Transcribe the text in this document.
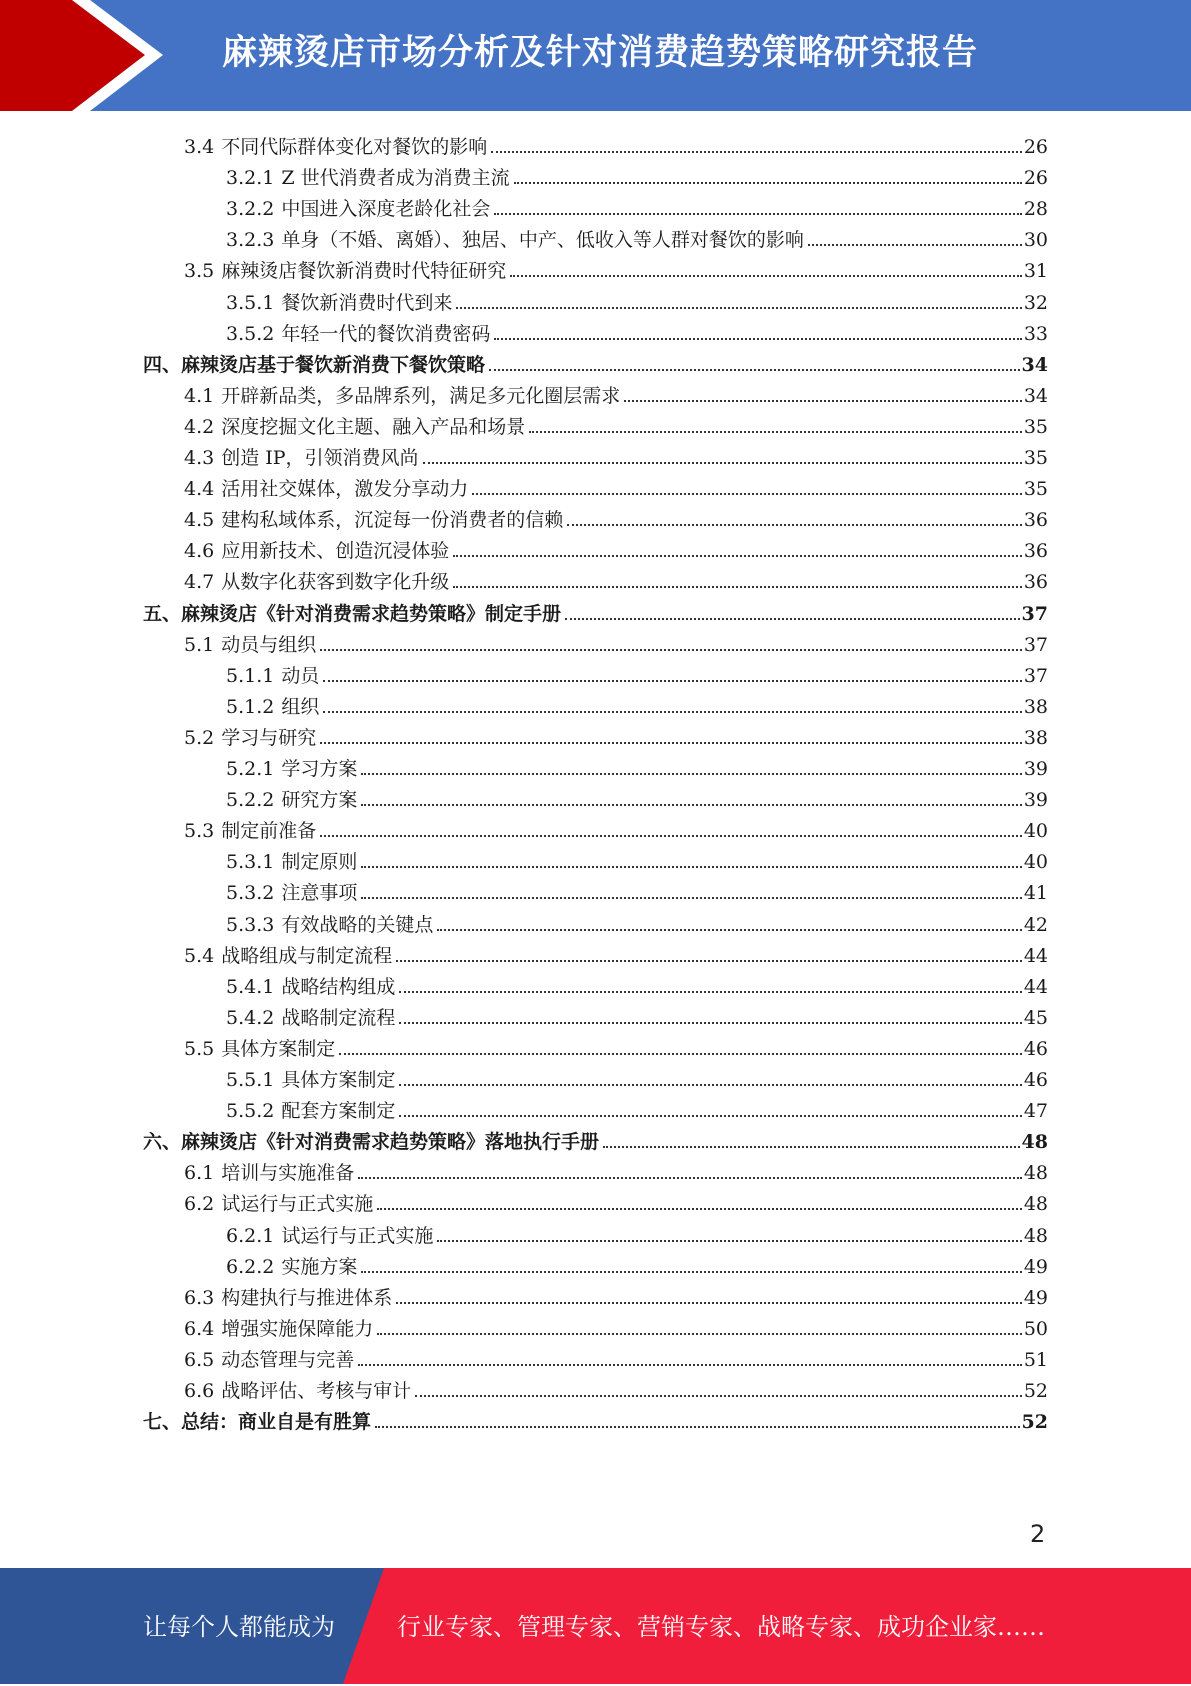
麻辣烫店市场分析及针对消费趋势策略研究报告
3.4 不同代际群体变化对餐饮的影响	26
3.2.1 Z 世代消费者成为消费主流	26
3.2.2 中国进入深度老龄化社会	28
3.2.3 单身（不婚、离婚）、独居、中产、低收入等人群对餐饮的影响	30
3.5 麻辣烫店餐饮新消费时代特征研究	31
3.5.1 餐饮新消费时代到来	32
3.5.2 年轻一代的餐饮消费密码	33
四、麻辣烫店基于餐饮新消费下餐饮策略	34
4.1 开辟新品类，多品牌系列，满足多元化圈层需求	34
4.2 深度挖掘文化主题、融入产品和场景	35
4.3 创造 IP，引领消费风尚	35
4.4 活用社交媒体，激发分享动力	35
4.5 建构私域体系，沉淀每一份消费者的信赖	36
4.6 应用新技术、创造沉浸体验	36
4.7 从数字化获客到数字化升级	36
五、麻辣烫店《针对消费需求趋势策略》制定手册	37
5.1 动员与组织	37
5.1.1 动员	37
5.1.2 组织	38
5.2 学习与研究	38
5.2.1 学习方案	39
5.2.2 研究方案	39
5.3 制定前准备	40
5.3.1 制定原则	40
5.3.2 注意事项	41
5.3.3 有效战略的关键点	42
5.4 战略组成与制定流程	44
5.4.1 战略结构组成	44
5.4.2 战略制定流程	45
5.5 具体方案制定	46
5.5.1 具体方案制定	46
5.5.2 配套方案制定	47
六、麻辣烫店《针对消费需求趋势策略》落地执行手册	48
6.1 培训与实施准备	48
6.2 试运行与正式实施	48
6.2.1 试运行与正式实施	48
6.2.2 实施方案	49
6.3 构建执行与推进体系	49
6.4 增强实施保障能力	50
6.5 动态管理与完善	51
6.6 战略评估、考核与审计	52
七、总结：商业自是有胜算	52
2
让每个人都能成为	行业专家、管理专家、营销专家、战略专家、成功企业家……
